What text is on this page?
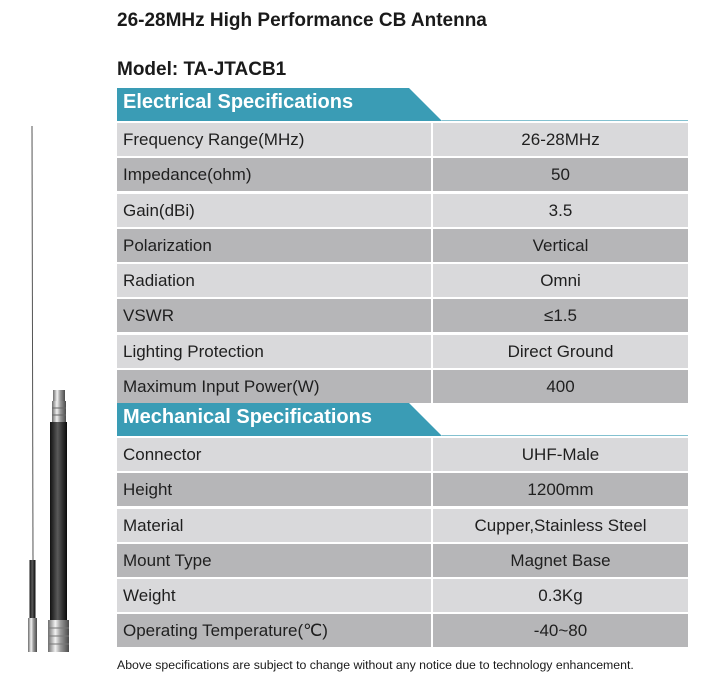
26-28MHz High Performance CB Antenna
Model: TA-JTACB1
Electrical Specifications
Frequency Range(MHz)	26-28MHz
Impedance(ohm)	50
Gain(dBi)	3.5
Polarization	Vertical
Radiation	Omni
VSWR	≤1.5
Lighting Protection	Direct Ground
Maximum Input Power(W)	400
Mechanical Specifications
Connector	UHF-Male
Height	1200mm
Material	Cupper,Stainless Steel
Mount Type	Magnet Base
Weight	0.3Kg
Operating Temperature(℃)	-40~80
Above specifications are subject to change without any notice due to technology enhancement.
